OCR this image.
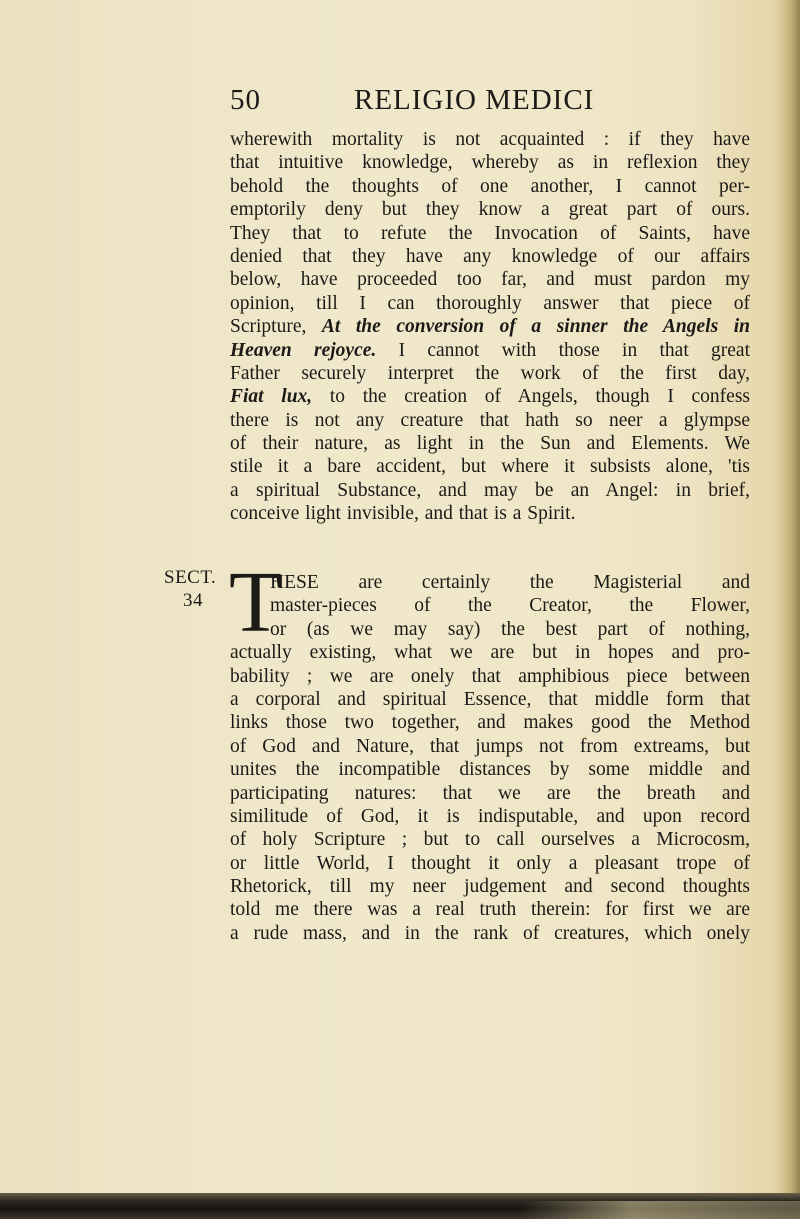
50	RELIGIO MEDICI
wherewith mortality is not acquainted : if they have
that intuitive knowledge, whereby as in reflexion they
behold the thoughts of one another, I cannot per-
emptorily deny but they know a great part of ours.
They that to refute the Invocation of Saints, have
denied that they have any knowledge of our affairs
below, have proceeded too far, and must pardon my
opinion, till I can thoroughly answer that piece of
Scripture, At the conversion of a sinner the Angels in
Heaven rejoyce. I cannot with those in that great
Father securely interpret the work of the first day,
Fiat lux, to the creation of Angels, though I confess
there is not any creature that hath so neer a glympse
of their nature, as light in the Sun and Elements. We
stile it a bare accident, but where it subsists alone, 'tis
a spiritual Substance, and may be an Angel: in brief,
conceive light invisible, and that is a Spirit.
SECT.
34 T
HESE are certainly the Magisterial and
master-pieces of the Creator, the Flower,
or (as we may say) the best part of nothing,
actually existing, what we are but in hopes and pro-
bability ; we are onely that amphibious piece between
a corporal and spiritual Essence, that middle form that
links those two together, and makes good the Method
of God and Nature, that jumps not from extreams, but
unites the incompatible distances by some middle and
participating natures: that we are the breath and
similitude of God, it is indisputable, and upon record
of holy Scripture ; but to call ourselves a Microcosm,
or little World, I thought it only a pleasant trope of
Rhetorick, till my neer judgement and second thoughts
told me there was a real truth therein: for first we are
a rude mass, and in the rank of creatures, which onely
